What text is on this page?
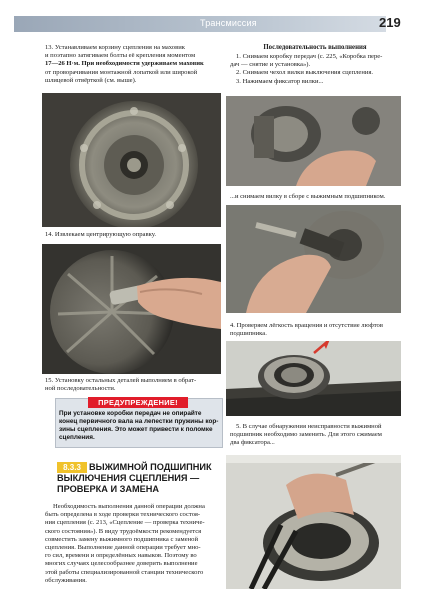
Трансмиссия	219
13. Устанавливаем корзину сцепления на маховик
и поэтапно затягиваем болты её крепления моментом
17—26 Н·м. При необходимости удерживаем маховик
от проворачивания монтажной лопаткой или широкой
шлицевой отвёрткой (см. выше).
14. Извлекаем центрирующую оправку.
15. Установку остальных деталей выполняем в обрат-
ной последовательности.
ПРЕДУПРЕЖДЕНИЕ!
При установке коробки передач не опирайте
конец первичного вала на лепестки пружины кор-
зины сцепления. Это может привести к поломке
сцепления.
ВЫЖИМНОЙ ПОДШИПНИК
ВЫКЛЮЧЕНИЯ СЦЕПЛЕНИЯ —
ПРОВЕРКА И ЗАМЕНА
8.3.3
Необходимость выполнения данной операции должна
быть определена в ходе проверки технического состоя-
ния сцепления (с. 213, «Сцепление — проверка техниче-
ского состояния»). В виду трудоёмкости рекомендуется
совместить замену выжимного подшипника с заменой
сцепления. Выполнение данной операции требует мно-
го сил, времени и определённых навыков. Поэтому во
многих случаях целесообразнее доверить выполнение
этой работы специализированной станции технического
обслуживания.
Последовательность выполнения
1. Снимаем коробку передач (с. 225, «Коробка пере-
дач — снятие и установка»).
2. Снимаем чехол вилки выключения сцепления.
3. Нажимаем фиксатор вилки...
...и снимаем вилку в сборе с выжимным подшипником.
4. Проверяем лёгкость вращения и отсутствие люфтов
подшипника.
5. В случае обнаружения неисправности выжимной
подшипник необходимо заменить. Для этого сжимаем
два фиксатора...
